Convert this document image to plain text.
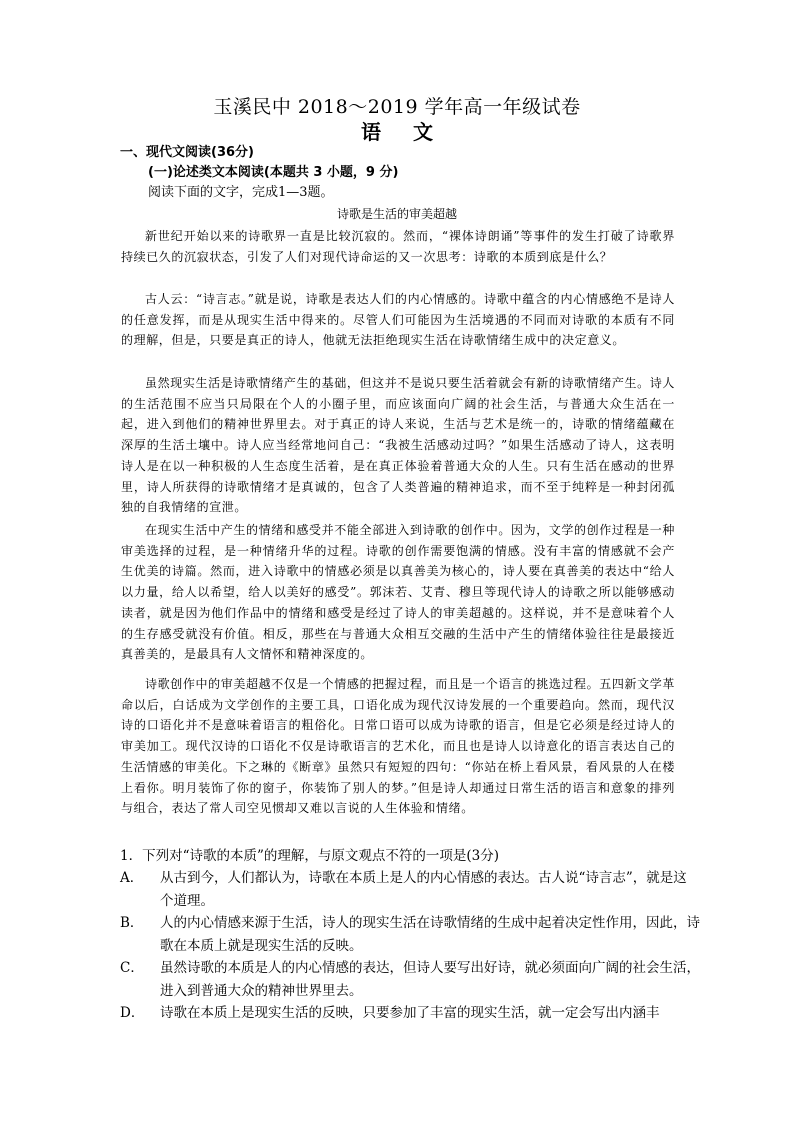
玉溪民中 2018～2019 学年高一年级试卷
语 文
一、现代文阅读(36分)
(一)论述类文本阅读(本题共 3 小题，9 分)
阅读下面的文字，完成1—3题。
诗歌是生活的审美超越
新世纪开始以来的诗歌界一直是比较沉寂的。然而，“裸体诗朗诵”等事件的发生打破了诗歌界持续已久的沉寂状态，引发了人们对现代诗命运的又一次思考：诗歌的本质到底是什么？
古人云：“诗言志。”就是说，诗歌是表达人们的内心情感的。诗歌中蕴含的内心情感绝不是诗人的任意发挥，而是从现实生活中得来的。尽管人们可能因为生活境遇的不同而对诗歌的本质有不同的理解，但是，只要是真正的诗人，他就无法拒绝现实生活在诗歌情绪生成中的决定意义。
虽然现实生活是诗歌情绪产生的基础，但这并不是说只要生活着就会有新的诗歌情绪产生。诗人的生活范围不应当只局限在个人的小圈子里，而应该面向广阔的社会生活，与普通大众生活在一起，进入到他们的精神世界里去。对于真正的诗人来说，生活与艺术是统一的，诗歌的情绪蕴藏在深厚的生活土壤中。诗人应当经常地问自己：“我被生活感动过吗？”如果生活感动了诗人，这表明诗人是在以一种积极的人生态度生活着，是在真正体验着普通大众的人生。只有生活在感动的世界里，诗人所获得的诗歌情绪才是真诚的，包含了人类普遍的精神追求，而不至于纯粹是一种封闭孤独的自我情绪的宣泄。
在现实生活中产生的情绪和感受并不能全部进入到诗歌的创作中。因为，文学的创作过程是一种审美选择的过程，是一种情绪升华的过程。诗歌的创作需要饱满的情感。没有丰富的情感就不会产生优美的诗篇。然而，进入诗歌中的情感必须是以真善美为核心的，诗人要在真善美的表达中“给人以力量，给人以希望，给人以美好的感受”。郭沫若、艾青、穆旦等现代诗人的诗歌之所以能够感动读者，就是因为他们作品中的情绪和感受是经过了诗人的审美超越的。这样说，并不是意味着个人的生存感受就没有价值。相反，那些在与普通大众相互交融的生活中产生的情绪体验往往是最接近真善美的，是最具有人文情怀和精神深度的。
诗歌创作中的审美超越不仅是一个情感的把握过程，而且是一个语言的挑选过程。五四新文学革命以后，白话成为文学创作的主要工具，口语化成为现代汉诗发展的一个重要趋向。然而，现代汉诗的口语化并不是意味着语言的粗俗化。日常口语可以成为诗歌的语言，但是它必须是经过诗人的审美加工。现代汉诗的口语化不仅是诗歌语言的艺术化，而且也是诗人以诗意化的语言表达自己的生活情感的审美化。下之琳的《断章》虽然只有短短的四句：“你站在桥上看风景，看风景的人在楼上看你。明月装饰了你的窗子，你装饰了别人的梦。”但是诗人却通过日常生活的语言和意象的排列与组合，表达了常人司空见惯却又难以言说的人生体验和情绪。
1．下列对“诗歌的本质”的理解，与原文观点不符的一项是(3分)
A． 从古到今，人们都认为，诗歌在本质上是人的内心情感的表达。古人说“诗言志”，就是这个道理。
B． 人的内心情感来源于生活，诗人的现实生活在诗歌情绪的生成中起着决定性作用，因此，诗歌在本质上就是现实生活的反映。
C． 虽然诗歌的本质是人的内心情感的表达，但诗人要写出好诗，就必须面向广阔的社会生活，进入到普通大众的精神世界里去。
D． 诗歌在本质上是现实生活的反映，只要参加了丰富的现实生活，就一定会写出内涵丰
